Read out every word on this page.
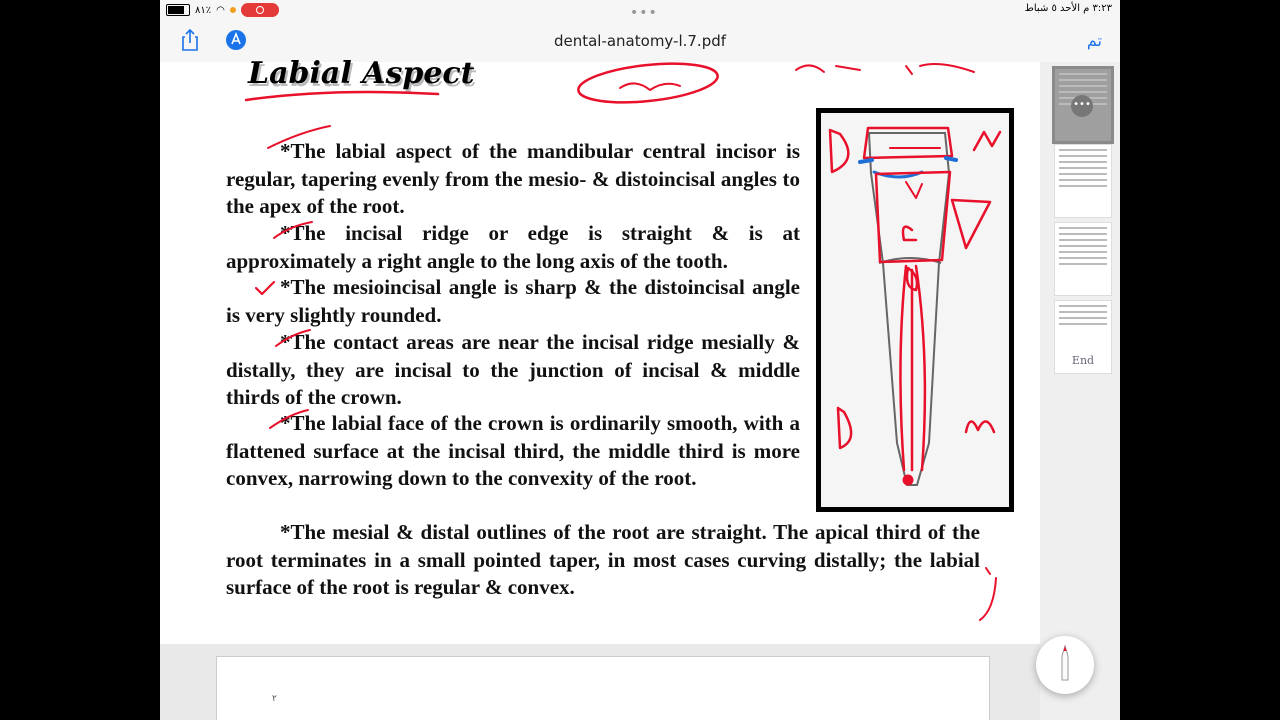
٨١٪ ◠	٣:٢٣ م الأحد ٥ شباط
•••
dental-anatomy-l.7.pdf	تم
Labial Aspect
*The labial aspect of the mandibular central incisor is regular, tapering evenly from the mesio- & distoincisal angles to the apex of the root.
*The incisal ridge or edge is straight & is at approximately a right angle to the long axis of the tooth.
*The mesioincisal angle is sharp & the distoincisal angle is very slightly rounded.
*The contact areas are near the incisal ridge mesially & distally, they are incisal to the junction of incisal & middle thirds of the crown.
*The labial face of the crown is ordinarily smooth, with a flattened surface at the incisal third, the middle third is more convex, narrowing down to the convexity of the root.
*The mesial & distal outlines of the root are straight. The apical third of the root terminates in a small pointed taper, in most cases curving distally; the labial surface of the root is regular & convex.
•••
End
٢
